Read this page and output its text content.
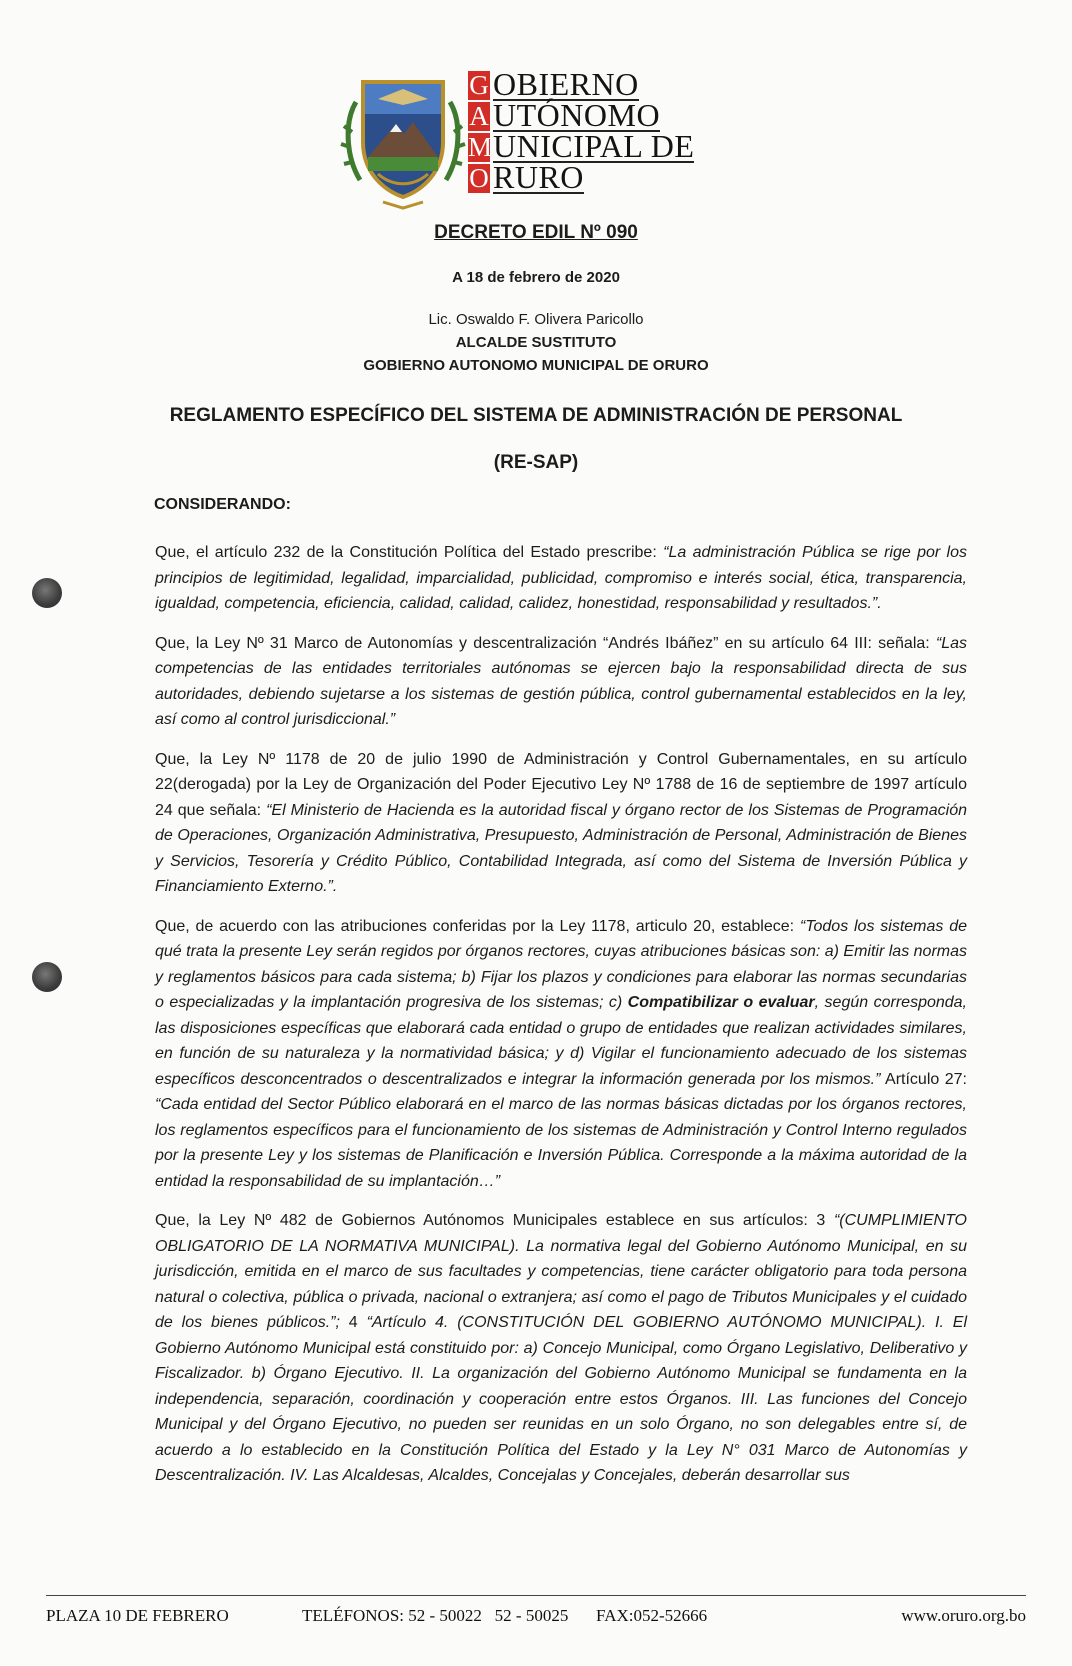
G OBIERNO
A UTÓNOMO
M UNICIPAL DE
O RURO
DECRETO EDIL Nº 090
A 18 de febrero de 2020
Lic. Oswaldo F. Olivera Paricollo
ALCALDE SUSTITUTO
GOBIERNO AUTONOMO MUNICIPAL DE ORURO
REGLAMENTO ESPECÍFICO DEL SISTEMA DE ADMINISTRACIÓN DE PERSONAL
(RE-SAP)
CONSIDERANDO:

Que, el artículo 232 de la Constitución Política del Estado prescribe: “La administración Pública se rige por los principios de legitimidad, legalidad, imparcialidad, publicidad, compromiso e interés social, ética, transparencia, igualdad, competencia, eficiencia, calidad, calidad, calidez, honestidad, responsabilidad y resultados.”.

Que, la Ley Nº 31 Marco de Autonomías y descentralización “Andrés Ibáñez” en su artículo 64 III: señala: “Las competencias de las entidades territoriales autónomas se ejercen bajo la responsabilidad directa de sus autoridades, debiendo sujetarse a los sistemas de gestión pública, control gubernamental establecidos en la ley, así como al control jurisdiccional.”

Que, la Ley Nº 1178 de 20 de julio 1990 de Administración y Control Gubernamentales, en su artículo 22(derogada) por la Ley de Organización del Poder Ejecutivo Ley Nº 1788 de 16 de septiembre de 1997 artículo 24 que señala: “El Ministerio de Hacienda es la autoridad fiscal y órgano rector de los Sistemas de Programación de Operaciones, Organización Administrativa, Presupuesto, Administración de Personal, Administración de Bienes y Servicios, Tesorería y Crédito Público, Contabilidad Integrada, así como del Sistema de Inversión Pública y Financiamiento Externo.”.

Que, de acuerdo con las atribuciones conferidas por la Ley 1178, articulo 20, establece: “Todos los sistemas de qué trata la presente Ley serán regidos por órganos rectores, cuyas atribuciones básicas son: a) Emitir las normas y reglamentos básicos para cada sistema; b) Fijar los plazos y condiciones para elaborar las normas secundarias o especializadas y la implantación progresiva de los sistemas; c) Compatibilizar o evaluar, según corresponda, las disposiciones específicas que elaborará cada entidad o grupo de entidades que realizan actividades similares, en función de su naturaleza y la normatividad básica; y d) Vigilar el funcionamiento adecuado de los sistemas específicos desconcentrados o descentralizados e integrar la información generada por los mismos.” Artículo 27: “Cada entidad del Sector Público elaborará en el marco de las normas básicas dictadas por los órganos rectores, los reglamentos específicos para el funcionamiento de los sistemas de Administración y Control Interno regulados por la presente Ley y los sistemas de Planificación e Inversión Pública. Corresponde a la máxima autoridad de la entidad la responsabilidad de su implantación…”

Que, la Ley Nº 482 de Gobiernos Autónomos Municipales establece en sus artículos: 3 “(CUMPLIMIENTO OBLIGATORIO DE LA NORMATIVA MUNICIPAL). La normativa legal del Gobierno Autónomo Municipal, en su jurisdicción, emitida en el marco de sus facultades y competencias, tiene carácter obligatorio para toda persona natural o colectiva, pública o privada, nacional o extranjera; así como el pago de Tributos Municipales y el cuidado de los bienes públicos.”; 4 “Artículo 4. (CONSTITUCIÓN DEL GOBIERNO AUTÓNOMO MUNICIPAL). I. El Gobierno Autónomo Municipal está constituido por: a) Concejo Municipal, como Órgano Legislativo, Deliberativo y Fiscalizador. b) Órgano Ejecutivo. II. La organización del Gobierno Autónomo Municipal se fundamenta en la independencia, separación, coordinación y cooperación entre estos Órganos. III. Las funciones del Concejo Municipal y del Órgano Ejecutivo, no pueden ser reunidas en un solo Órgano, no son delegables entre sí, de acuerdo a lo establecido en la Constitución Política del Estado y la Ley N° 031 Marco de Autonomías y Descentralización. IV. Las Alcaldesas, Alcaldes, Concejalas y Concejales, deberán desarrollar sus

PLAZA 10 DE FEBRERO	TELÉFONOS: 52 - 50022   52 - 50025 FAX:052-52666	www.oruro.org.bo
